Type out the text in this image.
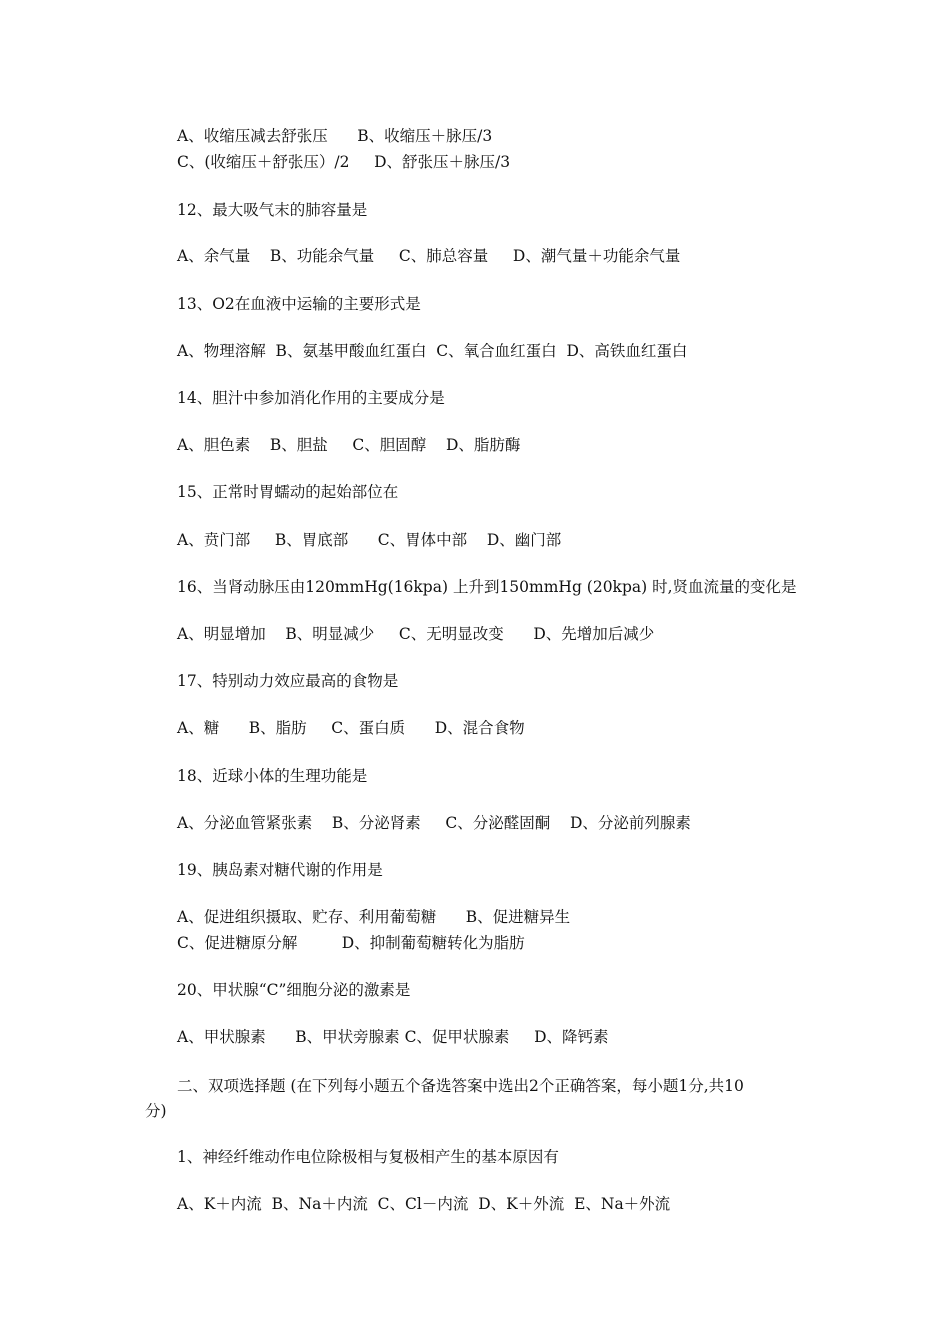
A、收缩压减去舒张压      B、收缩压＋脉压/3
C、(收缩压＋舒张压）/2     D、舒张压＋脉压/3
12、最大吸气末的肺容量是
A、余气量    B、功能余气量     C、肺总容量     D、潮气量＋功能余气量
13、O2在血液中运输的主要形式是
A、物理溶解  B、氨基甲酸血红蛋白  C、氧合血红蛋白  D、高铁血红蛋白
14、胆汁中参加消化作用的主要成分是
A、胆色素    B、胆盐     C、胆固醇    D、脂肪酶
15、正常时胃蠕动的起始部位在
A、贲门部     B、胃底部      C、胃体中部    D、幽门部
16、当肾动脉压由120mmHg(16kpa) 上升到150mmHg (20kpa) 时,贤血流量的变化是
A、明显增加    B、明显减少     C、无明显改变      D、先增加后减少
17、特别动力效应最高的食物是
A、糖      B、脂肪     C、蛋白质      D、混合食物
18、近球小体的生理功能是
A、分泌血管紧张素    B、分泌肾素     C、分泌醛固酮    D、分泌前列腺素
19、胰岛素对糖代谢的作用是
A、促进组织摄取、贮存、利用葡萄糖      B、促进糖异生
C、促进糖原分解         D、抑制葡萄糖转化为脂肪
20、甲状腺“C”细胞分泌的激素是
A、甲状腺素      B、甲状旁腺素 C、促甲状腺素     D、降钙素
二、双项选择题 (在下列每小题五个备选答案中选出2个正确答案，每小题1分,共10
分)
1、神经纤维动作电位除极相与复极相产生的基本原因有
A、K＋内流  B、Na＋内流  C、Cl－内流  D、K＋外流  E、Na＋外流
